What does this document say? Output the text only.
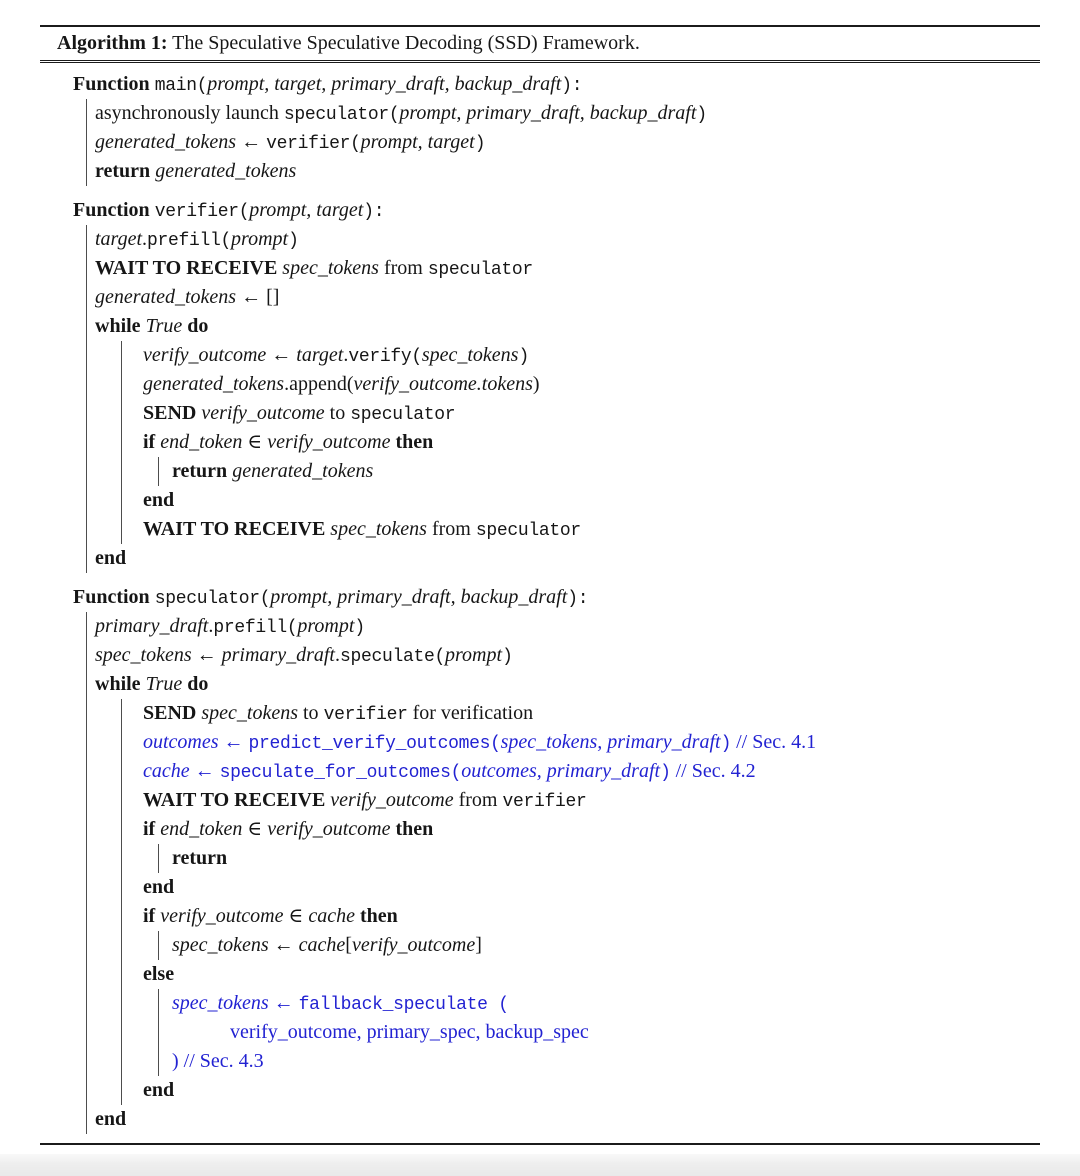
Algorithm 1: The Speculative Speculative Decoding (SSD) Framework.
Function main(prompt, target, primary_draft, backup_draft):
asynchronously launch speculator(prompt, primary_draft, backup_draft)
generated_tokens ← verifier(prompt, target)
return generated_tokens
Function verifier(prompt, target):
target.prefill(prompt)
WAIT TO RECEIVE spec_tokens from speculator
generated_tokens ← []
while True do
verify_outcome ← target.verify(spec_tokens)
generated_tokens.append(verify_outcome.tokens)
SEND verify_outcome to speculator
if end_token ∈ verify_outcome then
return generated_tokens
end
WAIT TO RECEIVE spec_tokens from speculator
end
Function speculator(prompt, primary_draft, backup_draft):
primary_draft.prefill(prompt)
spec_tokens ← primary_draft.speculate(prompt)
while True do
SEND spec_tokens to verifier for verification
outcomes ← predict_verify_outcomes(spec_tokens, primary_draft) // Sec. 4.1
cache ← speculate_for_outcomes(outcomes, primary_draft) // Sec. 4.2
WAIT TO RECEIVE verify_outcome from verifier
if end_token ∈ verify_outcome then
return
end
if verify_outcome ∈ cache then
spec_tokens ← cache[verify_outcome]
else
spec_tokens ← fallback_speculate (
verify_outcome, primary_spec, backup_spec
) // Sec. 4.3
end
end
